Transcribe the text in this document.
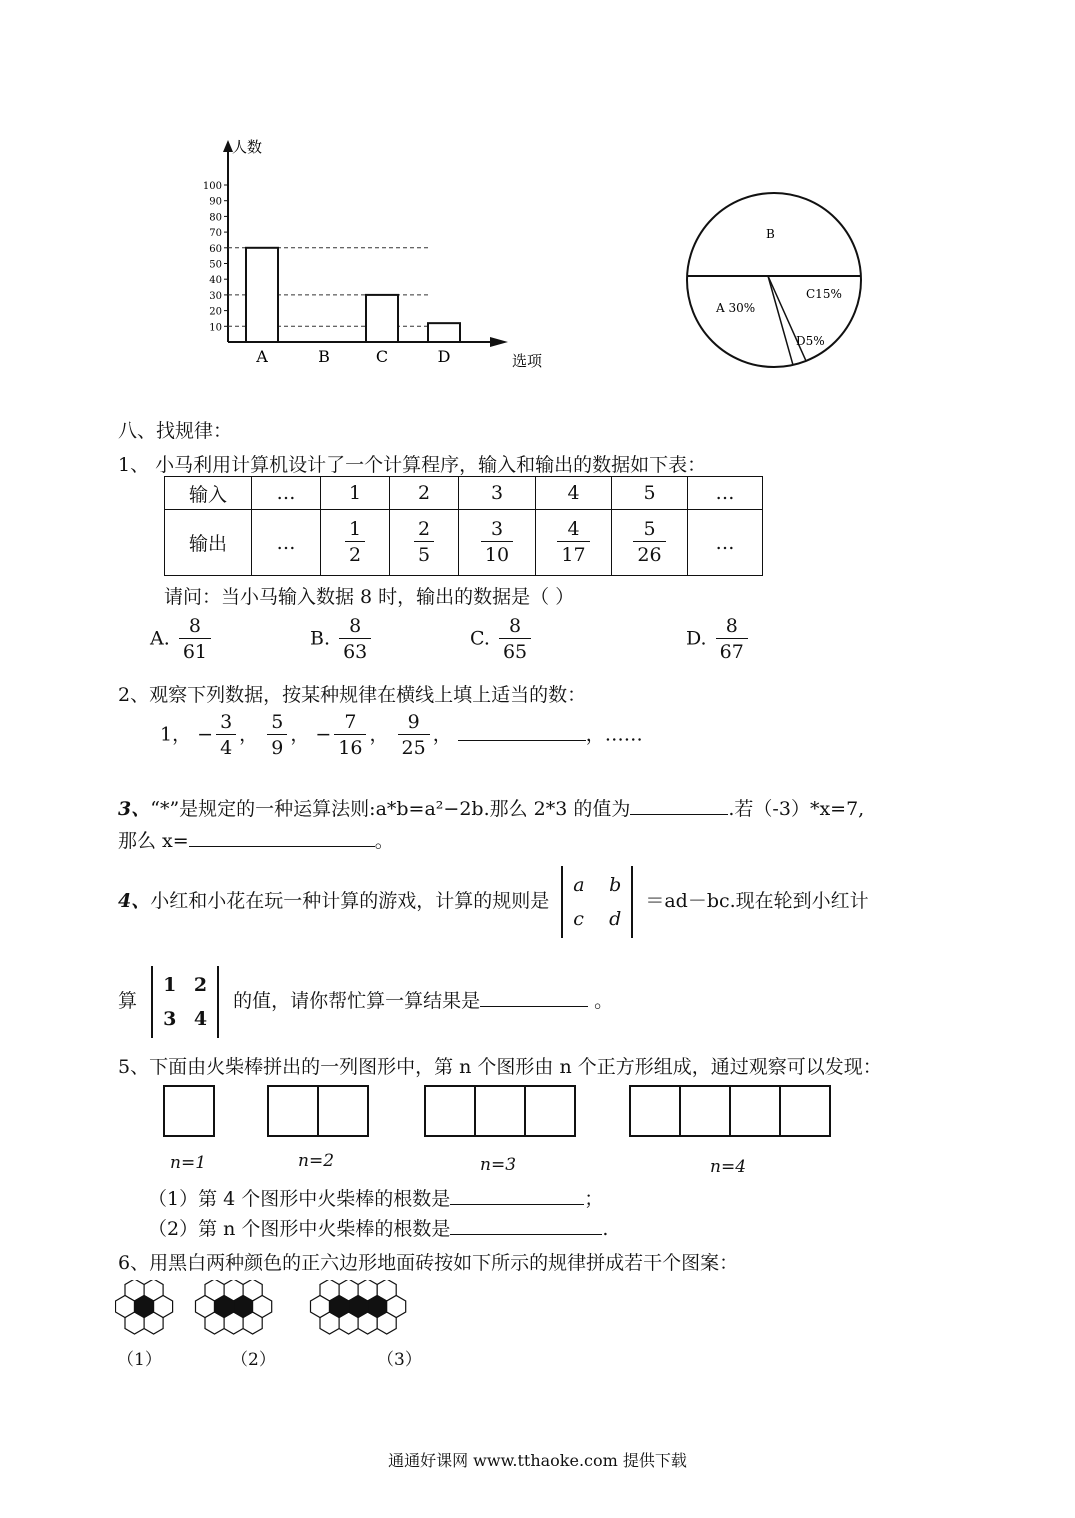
人数
选项
10
20
30
40
50
60
70
80
90
100
A	B	C	D
B
A 30%
C15%
D5%
八、找规律：
1、 小马利用计算机设计了一个计算程序，输入和输出的数据如下表：
输入	…	1	2	3	4	5	…
输出	…	$\frac{1}{2}$	$\frac{2}{5}$	$\frac{3}{10}$	$\frac{4}{17}$	$\frac{5}{26}$	…
请问：当小马输入数据 8 时，输出的数据是（ ）
A. $\frac{8}{61}$	B. $\frac{8}{63}$	C. $\frac{8}{65}$	D. $\frac{8}{67}$
2、观察下列数据，按某种规律在横线上填上适当的数：
1， − $\frac{3}{4}$ ， $\frac{5}{9}$ ， − $\frac{7}{16}$ ， $\frac{9}{25}$ ，	，……
3、“*”是规定的一种运算法则:a*b=a²−2b.那么 2*3 的值为	.若（-3）*x=7,
那么 x=	。
4、小红和小花在玩一种计算的游戏，计算的规则是
a b
c d
＝ad－bc.现在轮到小红计
算
1 2
3 4
的值，请你帮忙算一算结果是	。
5、下面由火柴棒拼出的一列图形中，第 n 个图形由 n 个正方形组成，通过观察可以发现：
n=1	n=2	n=3	n=4
（1）第 4 个图形中火柴棒的根数是	；
（2）第 n 个图形中火柴棒的根数是	.
6、用黑白两种颜色的正六边形地面砖按如下所示的规律拼成若干个图案：
（1）	（2）	（3）
通通好课网 www.tthaoke.com 提供下载
